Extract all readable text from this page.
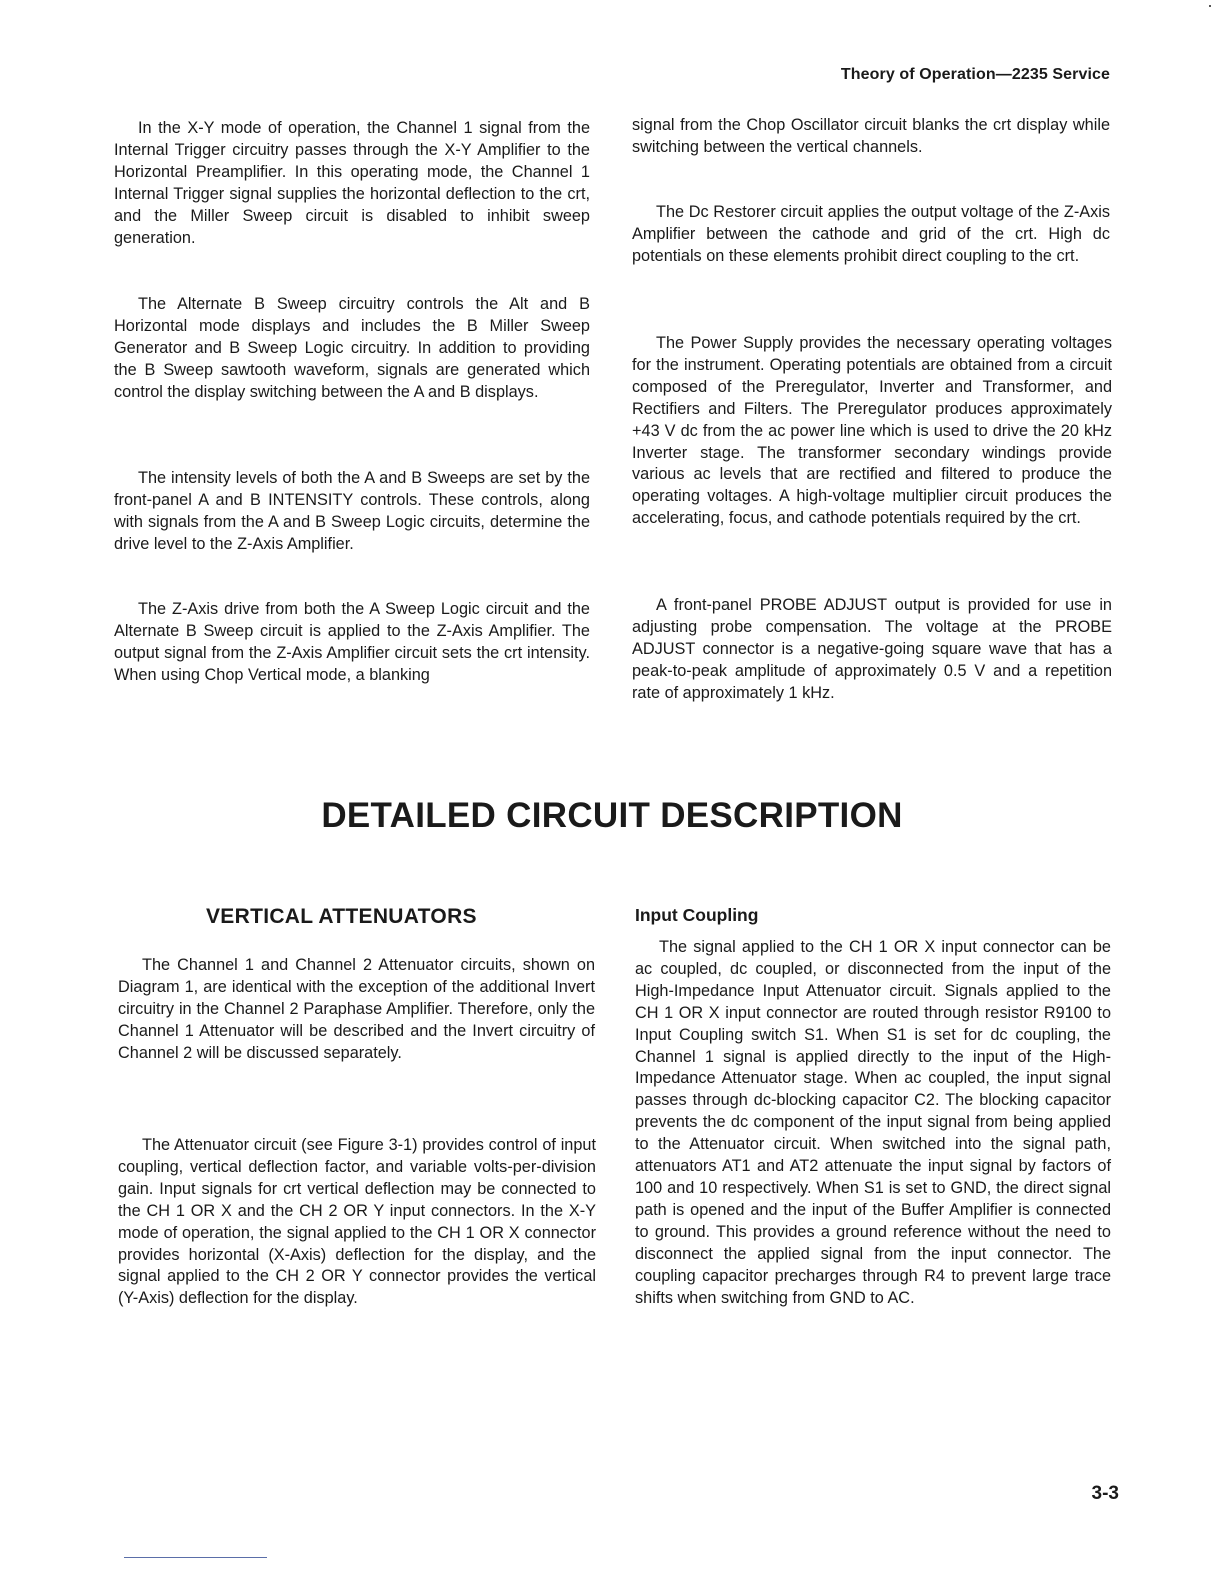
Theory of Operation—2235 Service

In the X-Y mode of operation, the Channel 1 signal from the Internal Trigger circuitry passes through the X-Y Amplifier to the Horizontal Preamplifier. In this operating mode, the Channel 1 Internal Trigger signal supplies the horizontal deflection to the crt, and the Miller Sweep circuit is disabled to inhibit sweep generation.

The Alternate B Sweep circuitry controls the Alt and B Horizontal mode displays and includes the B Miller Sweep Generator and B Sweep Logic circuitry. In addition to providing the B Sweep sawtooth waveform, signals are generated which control the display switching between the A and B displays.

The intensity levels of both the A and B Sweeps are set by the front-panel A and B INTENSITY controls. These controls, along with signals from the A and B Sweep Logic circuits, determine the drive level to the Z-Axis Amplifier.

The Z-Axis drive from both the A Sweep Logic circuit and the Alternate B Sweep circuit is applied to the Z-Axis Amplifier. The output signal from the Z-Axis Amplifier circuit sets the crt intensity. When using Chop Vertical mode, a blanking

signal from the Chop Oscillator circuit blanks the crt display while switching between the vertical channels.

The Dc Restorer circuit applies the output voltage of the Z-Axis Amplifier between the cathode and grid of the crt. High dc potentials on these elements prohibit direct coupling to the crt.

The Power Supply provides the necessary operating voltages for the instrument. Operating potentials are obtained from a circuit composed of the Preregulator, Inverter and Transformer, and Rectifiers and Filters. The Preregulator produces approximately +43 V dc from the ac power line which is used to drive the 20 kHz Inverter stage. The transformer secondary windings provide various ac levels that are rectified and filtered to produce the operating voltages. A high-voltage multiplier circuit produces the accelerating, focus, and cathode potentials required by the crt.

A front-panel PROBE ADJUST output is provided for use in adjusting probe compensation. The voltage at the PROBE ADJUST connector is a negative-going square wave that has a peak-to-peak amplitude of approximately 0.5 V and a repetition rate of approximately 1 kHz.

DETAILED CIRCUIT DESCRIPTION
VERTICAL ATTENUATORS	Input Coupling

The Channel 1 and Channel 2 Attenuator circuits, shown on Diagram 1, are identical with the exception of the additional Invert circuitry in the Channel 2 Paraphase Amplifier. Therefore, only the Channel 1 Attenuator will be described and the Invert circuitry of Channel 2 will be discussed separately.

The Attenuator circuit (see Figure 3-1) provides control of input coupling, vertical deflection factor, and variable volts-per-division gain. Input signals for crt vertical deflection may be connected to the CH 1 OR X and the CH 2 OR Y input connectors. In the X-Y mode of operation, the signal applied to the CH 1 OR X connector provides horizontal (X-Axis) deflection for the display, and the signal applied to the CH 2 OR Y connector provides the vertical (Y-Axis) deflection for the display.

The signal applied to the CH 1 OR X input connector can be ac coupled, dc coupled, or disconnected from the input of the High-Impedance Input Attenuator circuit. Signals applied to the CH 1 OR X input connector are routed through resistor R9100 to Input Coupling switch S1. When S1 is set for dc coupling, the Channel 1 signal is applied directly to the input of the High-Impedance Attenuator stage. When ac coupled, the input signal passes through dc-blocking capacitor C2. The blocking capacitor prevents the dc component of the input signal from being applied to the Attenuator circuit. When switched into the signal path, attenuators AT1 and AT2 attenuate the input signal by factors of 100 and 10 respectively. When S1 is set to GND, the direct signal path is opened and the input of the Buffer Amplifier is connected to ground. This provides a ground reference without the need to disconnect the applied signal from the input connector. The coupling capacitor precharges through R4 to prevent large trace shifts when switching from GND to AC.

3-3
